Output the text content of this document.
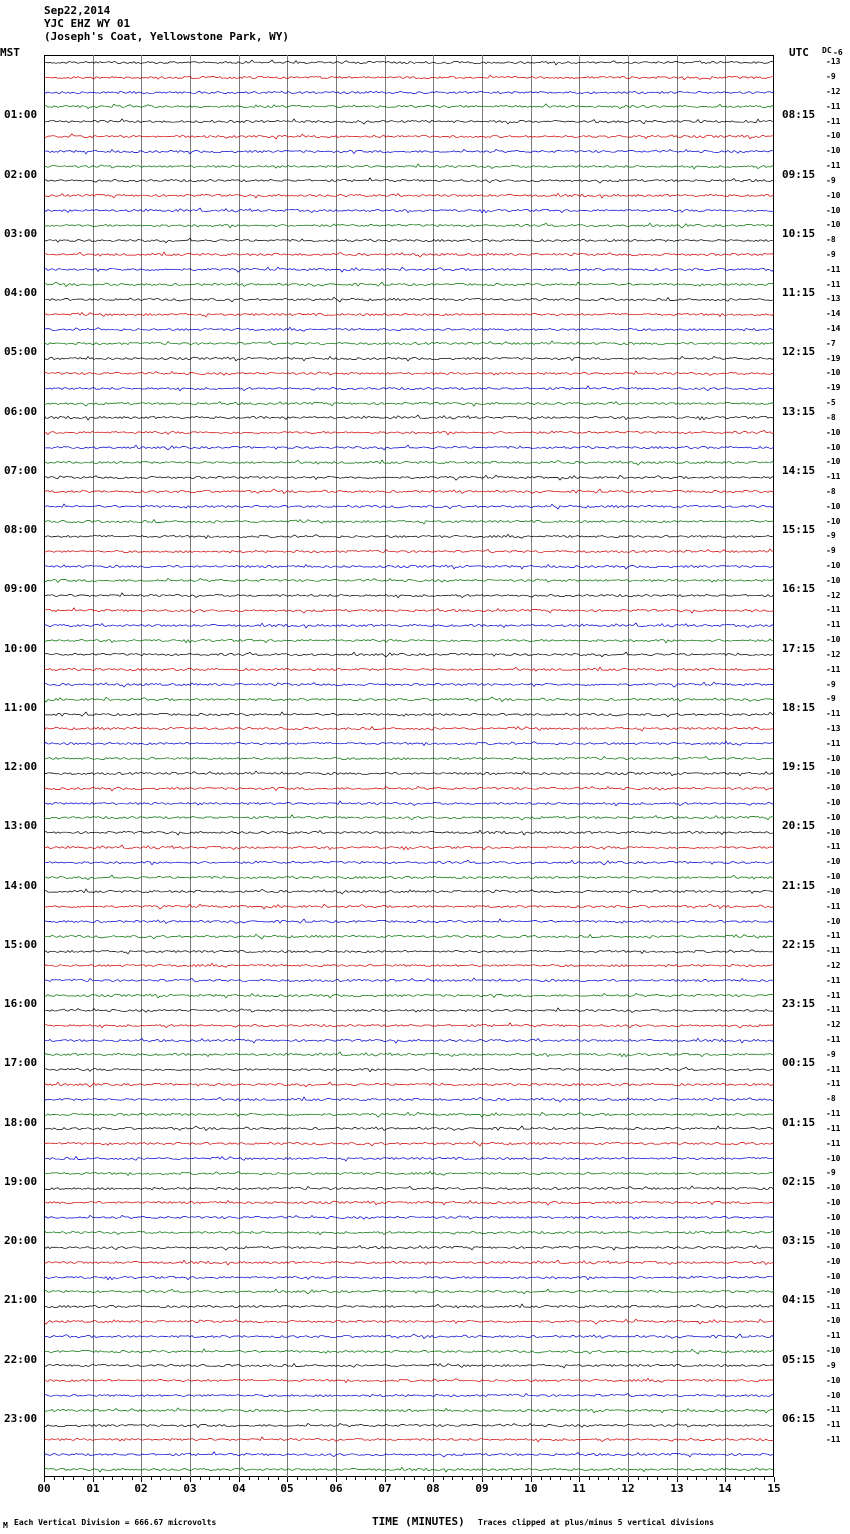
Sep22,2014
YJC EHZ WY 01
(Joseph's Coat, Yellowstone Park, WY)
MST	UTC DC
00	01	02	03	04	05	06	07	08	09	10	11	12	13	14	15
TIME (MINUTES)
M Each Vertical Division = 666.67 microvolts	Traces clipped at plus/minus 5 vertical divisions
01:00	08:15
02:00	09:15
03:00	10:15
04:00	11:15
05:00	12:15
06:00	13:15
07:00	14:15
08:00	15:15
09:00	16:15
10:00	17:15
11:00	18:15
12:00	19:15
13:00	20:15
14:00	21:15
15:00	22:15
16:00	23:15
17:00	00:15
18:00	01:15
19:00	02:15
20:00	03:15
21:00	04:15
22:00	05:15
23:00	06:15
-6
-13
-9
-12
-11
-11
-10
-10
-11
-9
-10
-10
-10
-8
-9
-11
-11
-13
-14
-14
-7
-19
-10
-19
-5
-8
-10
-10
-10
-11
-8
-10
-10
-9
-9
-10
-10
-12
-11
-11
-10
-12
-11
-9
-9
-11
-13
-11
-10
-10
-10
-10
-10
-10
-11
-10
-10
-10
-11
-10
-11
-11
-12
-11
-11
-11
-12
-11
-9
-11
-11
-8
-11
-11
-11
-10
-9
-10
-10
-10
-10
-10
-10
-10
-10
-11
-10
-11
-10
-9
-10
-10
-11
-11
-11
